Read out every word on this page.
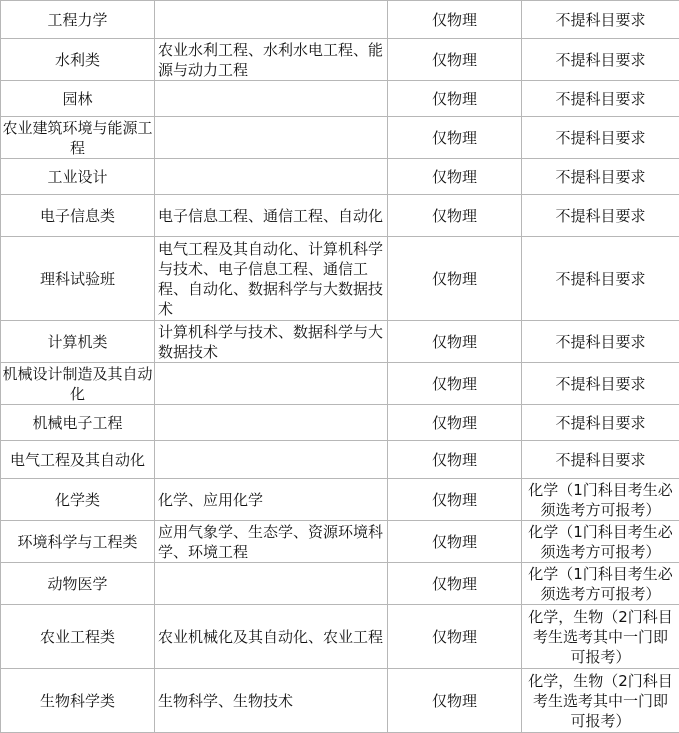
工程力学		仅物理	不提科目要求
水利类	农业水利工程、水利水电工程、能源与动力工程	仅物理	不提科目要求
园林		仅物理	不提科目要求
农业建筑环境与能源工程		仅物理	不提科目要求
工业设计		仅物理	不提科目要求
电子信息类	电子信息工程、通信工程、自动化	仅物理	不提科目要求
理科试验班	电气工程及其自动化、计算机科学与技术、电子信息工程、通信工程、自动化、数据科学与大数据技术	仅物理	不提科目要求
计算机类	计算机科学与技术、数据科学与大数据技术	仅物理	不提科目要求
机械设计制造及其自动化		仅物理	不提科目要求
机械电子工程		仅物理	不提科目要求
电气工程及其自动化		仅物理	不提科目要求
化学类	化学、应用化学	仅物理	化学（1门科目考生必须选考方可报考）
环境科学与工程类	应用气象学、生态学、资源环境科学、环境工程	仅物理	化学（1门科目考生必须选考方可报考）
动物医学		仅物理	化学（1门科目考生必须选考方可报考）
农业工程类	农业机械化及其自动化、农业工程	仅物理	化学，生物（2门科目考生选考其中一门即可报考）
生物科学类	生物科学、生物技术	仅物理	化学，生物（2门科目考生选考其中一门即可报考）
